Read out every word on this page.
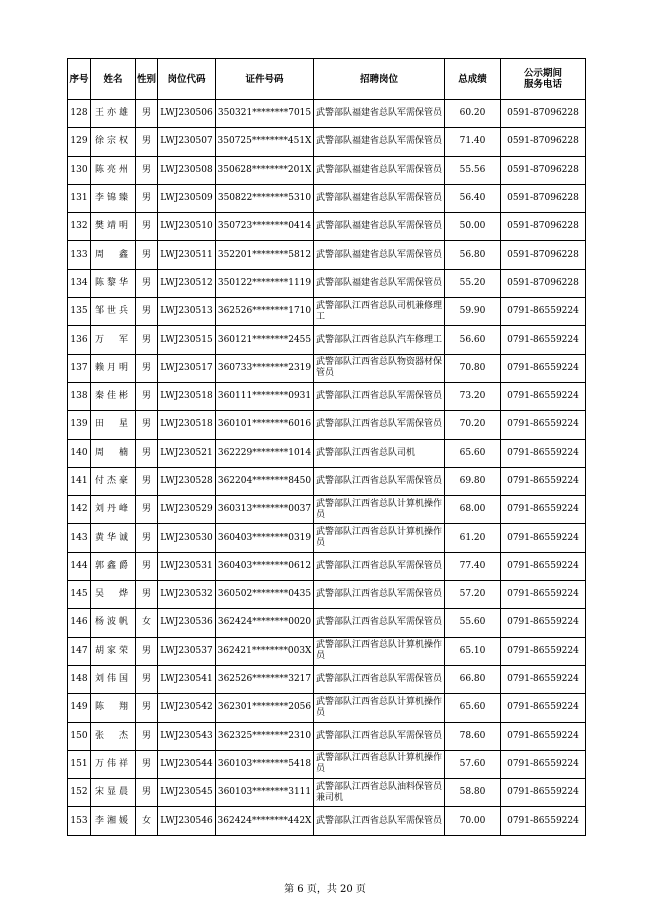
序号	姓名	性别	岗位代码	证件号码	招聘岗位	总成绩	公示期间
服务电话
128	王亦雄	男	LWJ230506	350321********7015	武警部队福建省总队军需保管员	60.20	0591-87096228
129	徐宗权	男	LWJ230507	350725********451X	武警部队福建省总队军需保管员	71.40	0591-87096228
130	陈亮州	男	LWJ230508	350628********201X	武警部队福建省总队军需保管员	55.56	0591-87096228
131	李锦臻	男	LWJ230509	350822********5310	武警部队福建省总队军需保管员	56.40	0591-87096228
132	樊靖明	男	LWJ230510	350723********0414	武警部队福建省总队军需保管员	50.00	0591-87096228
133	周　鑫	男	LWJ230511	352201********5812	武警部队福建省总队军需保管员	56.80	0591-87096228
134	陈黎华	男	LWJ230512	350122********1119	武警部队福建省总队军需保管员	55.20	0591-87096228
135	邹世兵	男	LWJ230513	362526********1710	武警部队江西省总队司机兼修理工	59.90	0791-86559224
136	万　军	男	LWJ230515	360121********2455	武警部队江西省总队汽车修理工	56.60	0791-86559224
137	赖月明	男	LWJ230517	360733********2319	武警部队江西省总队物资器材保管员	70.80	0791-86559224
138	秦佳彬	男	LWJ230518	360111********0931	武警部队江西省总队军需保管员	73.20	0791-86559224
139	田　星	男	LWJ230518	360101********6016	武警部队江西省总队军需保管员	70.20	0791-86559224
140	周　楠	男	LWJ230521	362229********1014	武警部队江西省总队司机	65.60	0791-86559224
141	付杰豪	男	LWJ230528	362204********8450	武警部队江西省总队军需保管员	69.80	0791-86559224
142	刘丹峰	男	LWJ230529	360313********0037	武警部队江西省总队计算机操作员	68.00	0791-86559224
143	黄华诚	男	LWJ230530	360403********0319	武警部队江西省总队计算机操作员	61.20	0791-86559224
144	郭鑫爵	男	LWJ230531	360403********0612	武警部队江西省总队军需保管员	77.40	0791-86559224
145	吴　烨	男	LWJ230532	360502********0435	武警部队江西省总队军需保管员	57.20	0791-86559224
146	杨波帆	女	LWJ230536	362424********0020	武警部队江西省总队军需保管员	55.60	0791-86559224
147	胡家荣	男	LWJ230537	362421********003X	武警部队江西省总队计算机操作员	65.10	0791-86559224
148	刘伟国	男	LWJ230541	362526********3217	武警部队江西省总队军需保管员	66.80	0791-86559224
149	陈　翔	男	LWJ230542	362301********2056	武警部队江西省总队计算机操作员	65.60	0791-86559224
150	张　杰	男	LWJ230543	362325********2310	武警部队江西省总队军需保管员	78.60	0791-86559224
151	万伟祥	男	LWJ230544	360103********5418	武警部队江西省总队计算机操作员	57.60	0791-86559224
152	宋显晨	男	LWJ230545	360103********3111	武警部队江西省总队油料保管员兼司机	58.80	0791-86559224
153	李湘媛	女	LWJ230546	362424********442X	武警部队江西省总队军需保管员	70.00	0791-86559224
第 6 页，共 20 页
